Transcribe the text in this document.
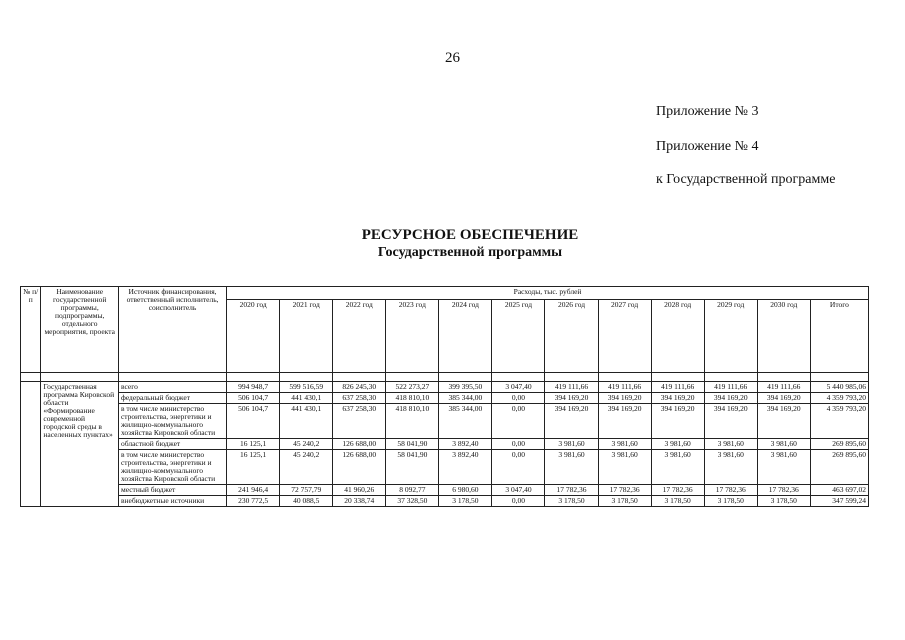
26
Приложение № 3
Приложение № 4
к Государственной программе
РЕСУРСНОЕ ОБЕСПЕЧЕНИЕ
Государственной программы
№ п/п	Наименование государственной программы, подпрограммы, отдельного мероприятия, проекта	Источник финансирования, ответственный исполнитель, соисполнитель	Расходы, тыс. рублей											
			2020 год	2021 год	2022 год	2023 год	2024 год	2025 год	2026 год	2027 год	2028 год	2029 год	2030 год	Итого

	Государственная программа Кировской области «Формирование современной городской среды в населенных пунктах»	всего	994 948,7	599 516,59	826 245,30	522 273,27	399 395,50	3 047,40	419 111,66	419 111,66	419 111,66	419 111,66	419 111,66	5 440 985,06
		федеральный бюджет	506 104,7	441 430,1	637 258,30	418 810,10	385 344,00	0,00	394 169,20	394 169,20	394 169,20	394 169,20	394 169,20	4 359 793,20
		в том числе министерство строительства, энергетики и жилищно-коммунального хозяйства Кировской области	506 104,7	441 430,1	637 258,30	418 810,10	385 344,00	0,00	394 169,20	394 169,20	394 169,20	394 169,20	394 169,20	4 359 793,20
		областной бюджет	16 125,1	45 240,2	126 688,00	58 041,90	3 892,40	0,00	3 981,60	3 981,60	3 981,60	3 981,60	3 981,60	269 895,60
		в том числе министерство строительства, энергетики и жилищно-коммунального хозяйства Кировской области	16 125,1	45 240,2	126 688,00	58 041,90	3 892,40	0,00	3 981,60	3 981,60	3 981,60	3 981,60	3 981,60	269 895,60
		местный бюджет	241 946,4	72 757,79	41 960,26	8 092,77	6 980,60	3 047,40	17 782,36	17 782,36	17 782,36	17 782,36	17 782,36	463 697,02
		внебюджетные источники	230 772,5	40 088,5	20 338,74	37 328,50	3 178,50	0,00	3 178,50	3 178,50	3 178,50	3 178,50	3 178,50	347 599,24
